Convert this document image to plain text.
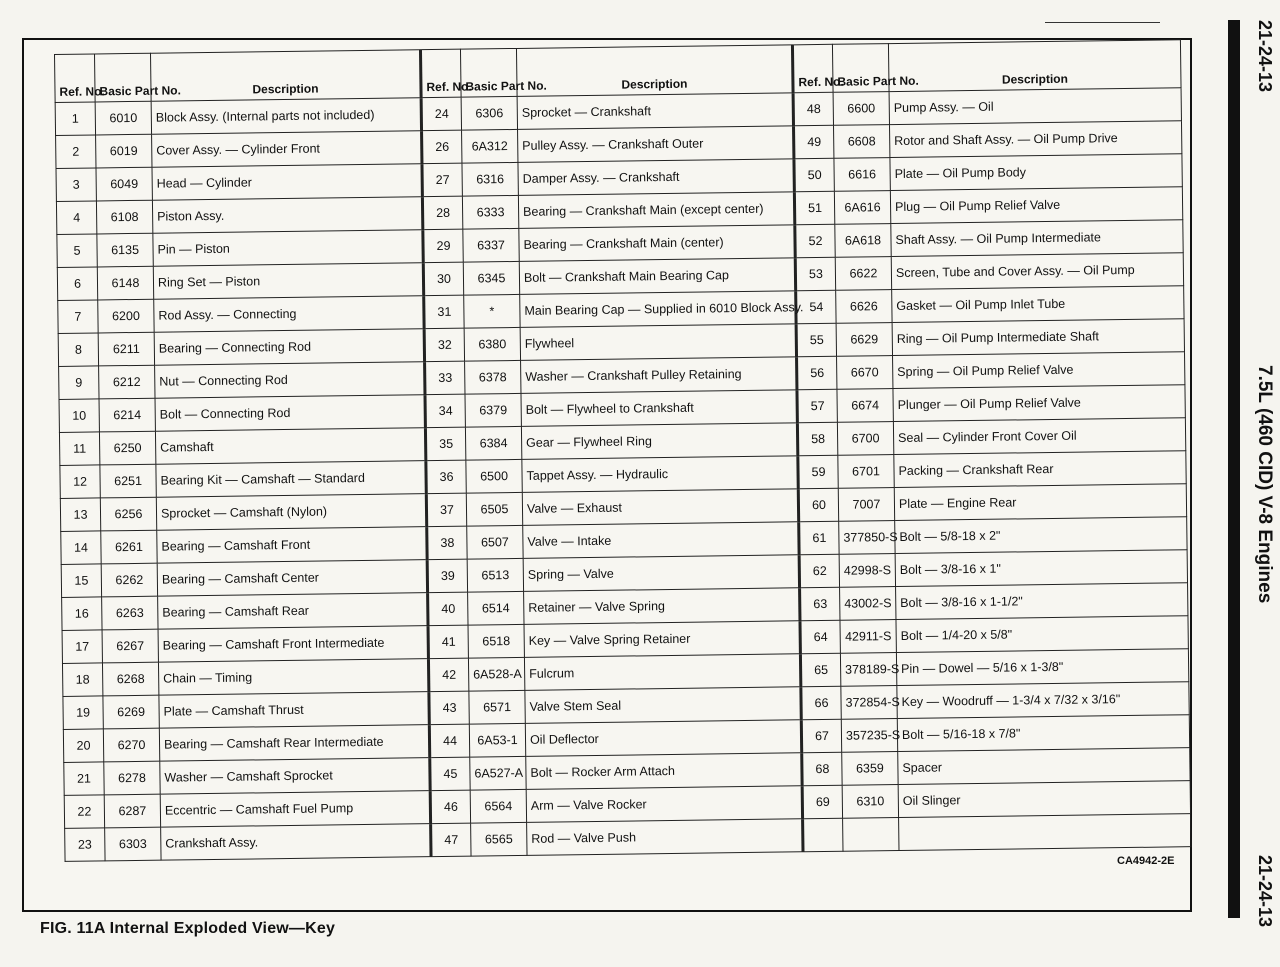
Ref. No.	Basic Part No.	Description	Ref. No.	Basic Part No.	Description	Ref. No.	Basic Part No.	Description
1	6010	Block Assy. (Internal parts not included)	24	6306	Sprocket — Crankshaft	48	6600	Pump Assy. — Oil
2	6019	Cover Assy. — Cylinder Front	26	6A312	Pulley Assy. — Crankshaft Outer	49	6608	Rotor and Shaft Assy. — Oil Pump Drive
3	6049	Head — Cylinder	27	6316	Damper Assy. — Crankshaft	50	6616	Plate — Oil Pump Body
4	6108	Piston Assy.	28	6333	Bearing — Crankshaft Main (except center)	51	6A616	Plug — Oil Pump Relief Valve
5	6135	Pin — Piston	29	6337	Bearing — Crankshaft Main (center)	52	6A618	Shaft Assy. — Oil Pump Intermediate
6	6148	Ring Set — Piston	30	6345	Bolt — Crankshaft Main Bearing Cap	53	6622	Screen, Tube and Cover Assy. — Oil Pump
7	6200	Rod Assy. — Connecting	31	*	Main Bearing Cap — Supplied in 6010 Block Assy.	54	6626	Gasket — Oil Pump Inlet Tube
8	6211	Bearing — Connecting Rod	32	6380	Flywheel	55	6629	Ring — Oil Pump Intermediate Shaft
9	6212	Nut — Connecting Rod	33	6378	Washer — Crankshaft Pulley Retaining	56	6670	Spring — Oil Pump Relief Valve
10	6214	Bolt — Connecting Rod	34	6379	Bolt — Flywheel to Crankshaft	57	6674	Plunger — Oil Pump Relief Valve
11	6250	Camshaft	35	6384	Gear — Flywheel Ring	58	6700	Seal — Cylinder Front Cover Oil
12	6251	Bearing Kit — Camshaft — Standard	36	6500	Tappet Assy. — Hydraulic	59	6701	Packing — Crankshaft Rear
13	6256	Sprocket — Camshaft (Nylon)	37	6505	Valve — Exhaust	60	7007	Plate — Engine Rear
14	6261	Bearing — Camshaft Front	38	6507	Valve — Intake	61	377850-S	Bolt — 5/8-18 x 2"
15	6262	Bearing — Camshaft Center	39	6513	Spring — Valve	62	42998-S	Bolt — 3/8-16 x 1"
16	6263	Bearing — Camshaft Rear	40	6514	Retainer — Valve Spring	63	43002-S	Bolt — 3/8-16 x 1-1/2"
17	6267	Bearing — Camshaft Front Intermediate	41	6518	Key — Valve Spring Retainer	64	42911-S	Bolt — 1/4-20 x 5/8"
18	6268	Chain — Timing	42	6A528-A	Fulcrum	65	378189-S	Pin — Dowel — 5/16 x 1-3/8"
19	6269	Plate — Camshaft Thrust	43	6571	Valve Stem Seal	66	372854-S	Key — Woodruff — 1-3/4 x 7/32 x 3/16"
20	6270	Bearing — Camshaft Rear Intermediate	44	6A53-1	Oil Deflector	67	357235-S	Bolt — 5/16-18 x 7/8"
21	6278	Washer — Camshaft Sprocket	45	6A527-A	Bolt — Rocker Arm Attach	68	6359	Spacer
22	6287	Eccentric — Camshaft Fuel Pump	46	6564	Arm — Valve Rocker	69	6310	Oil Slinger
23	6303	Crankshaft Assy.	47	6565	Rod — Valve Push			
CA4942-2E
FIG. 11A Internal Exploded View—Key
21-24-13
7.5L (460 CID) V-8 Engines
21-24-13
